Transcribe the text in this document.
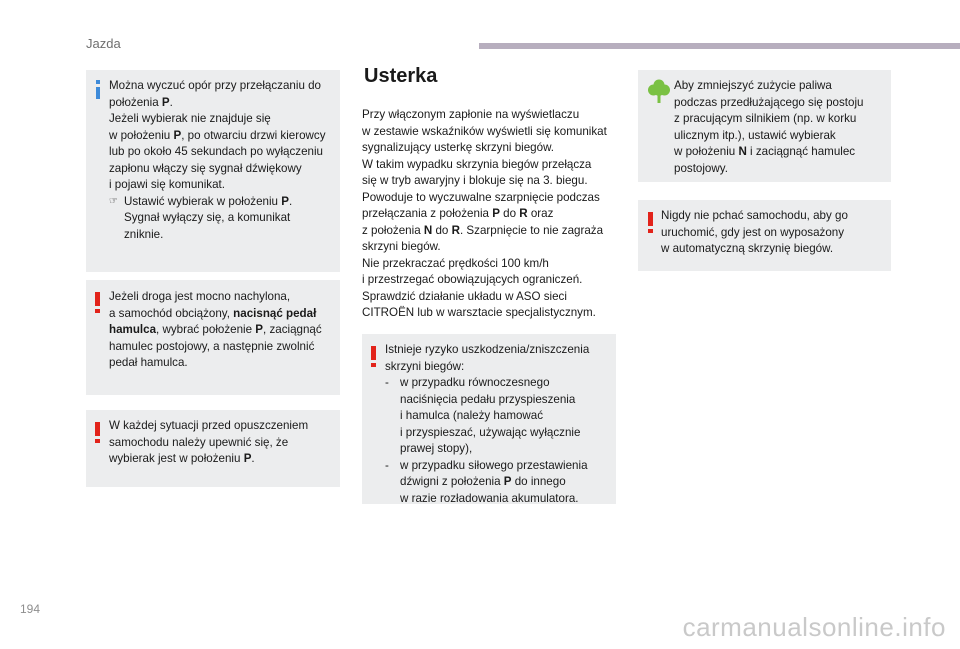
Jazda
Można wyczuć opór przy przełączaniu do
położenia P.
Jeżeli wybierak nie znajduje się
w położeniu P, po otwarciu drzwi kierowcy
lub po około 45 sekundach po wyłączeniu
zapłonu włączy się sygnał dźwiękowy
i pojawi się komunikat.
☞ Ustawić wybierak w położeniu P.
Sygnał wyłączy się, a komunikat
zniknie.
Jeżeli droga jest mocno nachylona,
a samochód obciążony, nacisnąć pedał
hamulca, wybrać położenie P, zaciągnąć
hamulec postojowy, a następnie zwolnić
pedał hamulca.
W każdej sytuacji przed opuszczeniem
samochodu należy upewnić się, że
wybierak jest w położeniu P.
Usterka
Przy włączonym zapłonie na wyświetlaczu
w zestawie wskaźników wyświetli się komunikat
sygnalizujący usterkę skrzyni biegów.
W takim wypadku skrzynia biegów przełącza
się w tryb awaryjny i blokuje się na 3. biegu.
Powoduje to wyczuwalne szarpnięcie podczas
przełączania z położenia P do R oraz
z położenia N do R. Szarpnięcie to nie zagraża
skrzyni biegów.
Nie przekraczać prędkości 100 km/h
i przestrzegać obowiązujących ograniczeń.
Sprawdzić działanie układu w ASO sieci
CITROËN lub w warsztacie specjalistycznym.
Istnieje ryzyko uszkodzenia/zniszczenia
skrzyni biegów:
- w przypadku równoczesnego
naciśnięcia pedału przyspieszenia
i hamulca (należy hamować
i przyspieszać, używając wyłącznie
prawej stopy),
- w przypadku siłowego przestawienia
dźwigni z położenia P do innego
w razie rozładowania akumulatora.
Aby zmniejszyć zużycie paliwa
podczas przedłużającego się postoju
z pracującym silnikiem (np. w korku
ulicznym itp.), ustawić wybierak
w położeniu N i zaciągnąć hamulec
postojowy.
Nigdy nie pchać samochodu, aby go
uruchomić, gdy jest on wyposażony
w automatyczną skrzynię biegów.
194
carmanualsonline.info
